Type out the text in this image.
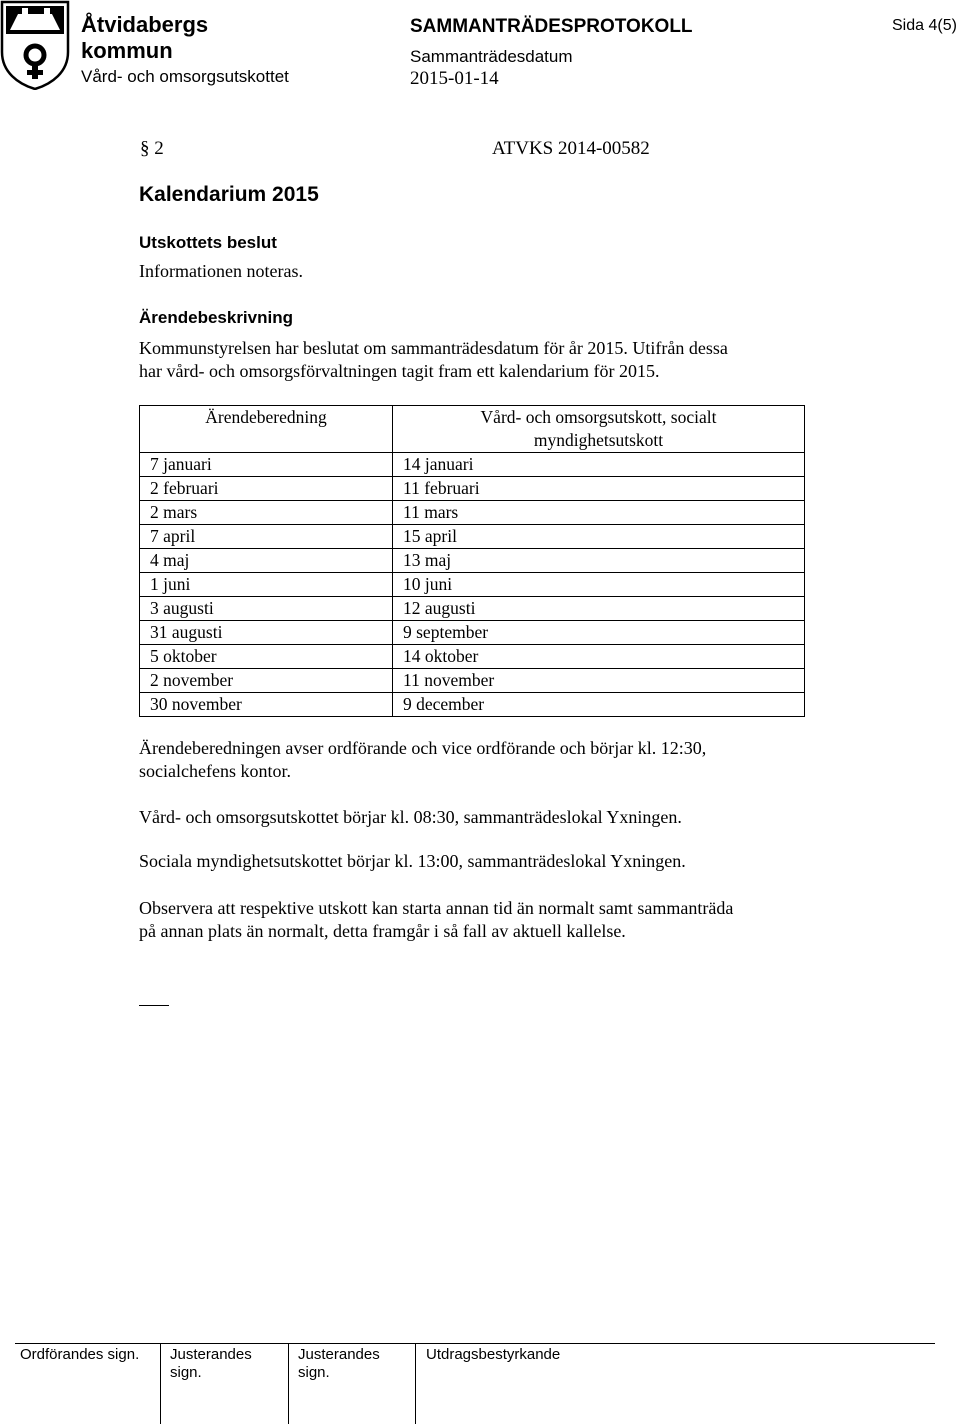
Åtvidabergs
kommun
Vård- och omsorgsutskottet
SAMMANTRÄDESPROTOKOLL
Sammanträdesdatum
2015-01-14
Sida 4(5)
§ 2	ATVKS 2014-00582
Kalendarium 2015
Utskottets beslut
Informationen noteras.
Ärendebeskrivning
Kommunstyrelsen har beslutat om sammanträdesdatum för år 2015. Utifrån dessa
har vård- och omsorgsförvaltningen tagit fram ett kalendarium för 2015.
Ärendeberedning	Vård- och omsorgsutskott, socialt
myndighetsutskott

7 januari	14 januari
2 februari	11 februari
2 mars	11 mars
7 april	15 april
4 maj	13 maj
1 juni	10 juni
3 augusti	12 augusti
31 augusti	9 september
5 oktober	14 oktober
2 november	11 november
30 november	9 december
Ärendeberedningen avser ordförande och vice ordförande och börjar kl. 12:30,
socialchefens kontor.
Vård- och omsorgsutskottet börjar kl. 08:30, sammanträdeslokal Yxningen.
Sociala myndighetsutskottet börjar kl. 13:00, sammanträdeslokal Yxningen.
Observera att respektive utskott kan starta annan tid än normalt samt sammanträda
på annan plats än normalt, detta framgår i så fall av aktuell kallelse.
Ordförandes sign. Justerandes
sign.
Justerandes
sign.
Utdragsbestyrkande
